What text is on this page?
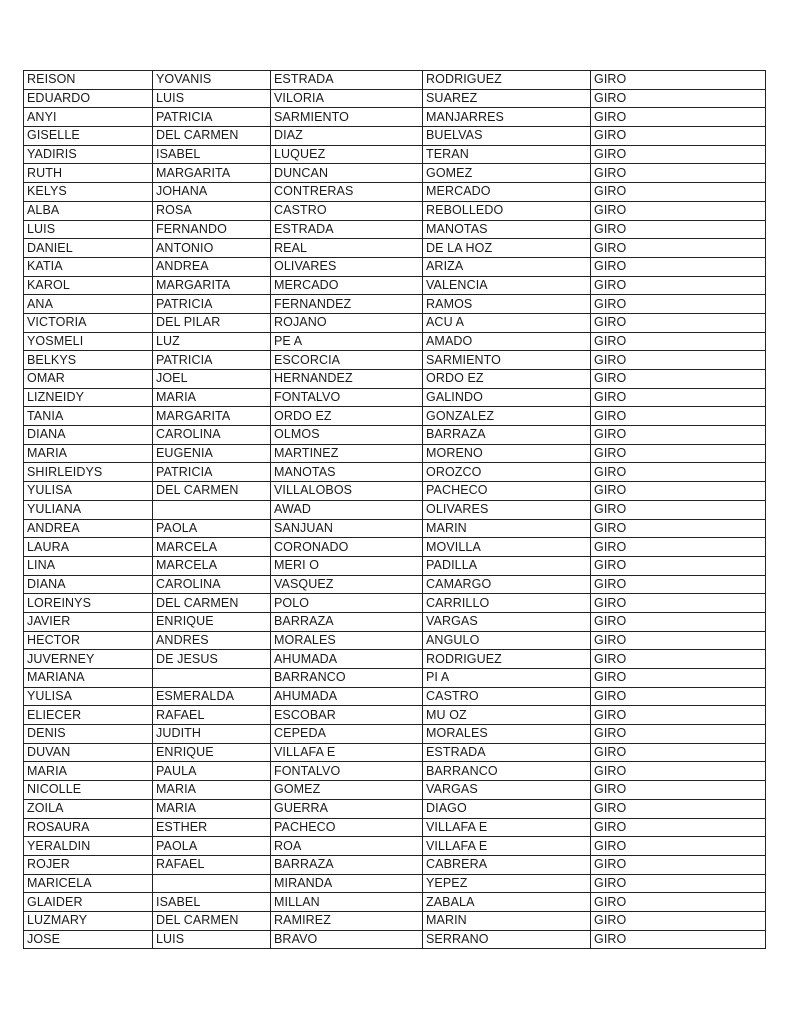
REISON	YOVANIS	ESTRADA	RODRIGUEZ	GIRO
EDUARDO	LUIS	VILORIA	SUAREZ	GIRO
ANYI	PATRICIA	SARMIENTO	MANJARRES	GIRO
GISELLE	DEL CARMEN	DIAZ	BUELVAS	GIRO
YADIRIS	ISABEL	LUQUEZ	TERAN	GIRO
RUTH	MARGARITA	DUNCAN	GOMEZ	GIRO
KELYS	JOHANA	CONTRERAS	MERCADO	GIRO
ALBA	ROSA	CASTRO	REBOLLEDO	GIRO
LUIS	FERNANDO	ESTRADA	MANOTAS	GIRO
DANIEL	ANTONIO	REAL	DE LA HOZ	GIRO
KATIA	ANDREA	OLIVARES	ARIZA	GIRO
KAROL	MARGARITA	MERCADO	VALENCIA	GIRO
ANA	PATRICIA	FERNANDEZ	RAMOS	GIRO
VICTORIA	DEL PILAR	ROJANO	ACU A	GIRO
YOSMELI	LUZ	PE A	AMADO	GIRO
BELKYS	PATRICIA	ESCORCIA	SARMIENTO	GIRO
OMAR	JOEL	HERNANDEZ	ORDO EZ	GIRO
LIZNEIDY	MARIA	FONTALVO	GALINDO	GIRO
TANIA	MARGARITA	ORDO EZ	GONZALEZ	GIRO
DIANA	CAROLINA	OLMOS	BARRAZA	GIRO
MARIA	EUGENIA	MARTINEZ	MORENO	GIRO
SHIRLEIDYS	PATRICIA	MANOTAS	OROZCO	GIRO
YULISA	DEL CARMEN	VILLALOBOS	PACHECO	GIRO
YULIANA		AWAD	OLIVARES	GIRO
ANDREA	PAOLA	SANJUAN	MARIN	GIRO
LAURA	MARCELA	CORONADO	MOVILLA	GIRO
LINA	MARCELA	MERI O	PADILLA	GIRO
DIANA	CAROLINA	VASQUEZ	CAMARGO	GIRO
LOREINYS	DEL CARMEN	POLO	CARRILLO	GIRO
JAVIER	ENRIQUE	BARRAZA	VARGAS	GIRO
HECTOR	ANDRES	MORALES	ANGULO	GIRO
JUVERNEY	DE JESUS	AHUMADA	RODRIGUEZ	GIRO
MARIANA		BARRANCO	PI A	GIRO
YULISA	ESMERALDA	AHUMADA	CASTRO	GIRO
ELIECER	RAFAEL	ESCOBAR	MU OZ	GIRO
DENIS	JUDITH	CEPEDA	MORALES	GIRO
DUVAN	ENRIQUE	VILLAFA E	ESTRADA	GIRO
MARIA	PAULA	FONTALVO	BARRANCO	GIRO
NICOLLE	MARIA	GOMEZ	VARGAS	GIRO
ZOILA	MARIA	GUERRA	DIAGO	GIRO
ROSAURA	ESTHER	PACHECO	VILLAFA E	GIRO
YERALDIN	PAOLA	ROA	VILLAFA E	GIRO
ROJER	RAFAEL	BARRAZA	CABRERA	GIRO
MARICELA		MIRANDA	YEPEZ	GIRO
GLAIDER	ISABEL	MILLAN	ZABALA	GIRO
LUZMARY	DEL CARMEN	RAMIREZ	MARIN	GIRO
JOSE	LUIS	BRAVO	SERRANO	GIRO
